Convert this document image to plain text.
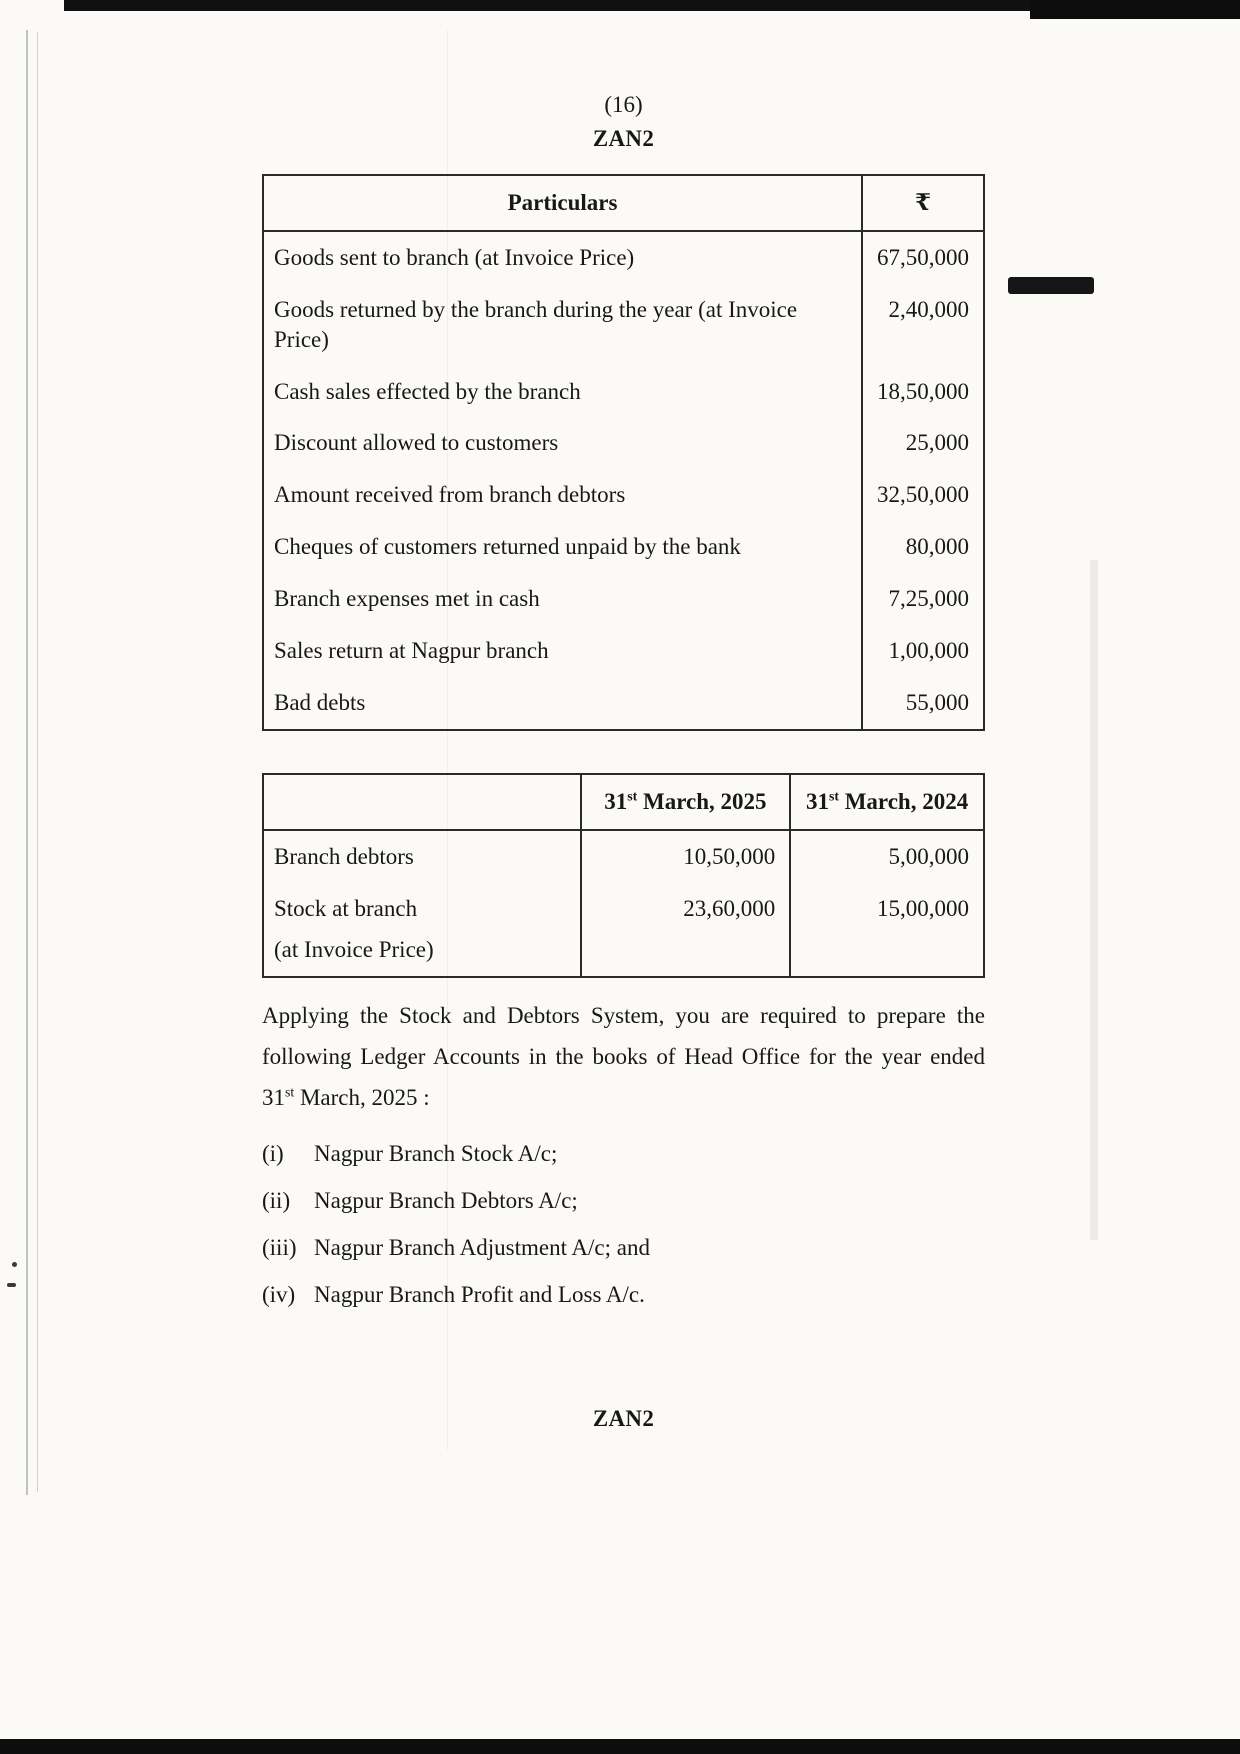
(16)
ZAN2
Particulars	₹
Goods sent to branch (at Invoice Price)	67,50,000
Goods returned by the branch during the year (at Invoice Price)	2,40,000
Cash sales effected by the branch	18,50,000
Discount allowed to customers	25,000
Amount received from branch debtors	32,50,000
Cheques of customers returned unpaid by the bank	80,000
Branch expenses met in cash	7,25,000
Sales return at Nagpur branch	1,00,000
Bad debts	55,000
	31st March, 2025	31st March, 2024
Branch debtors	10,50,000	5,00,000
Stock at branch
(at Invoice Price)	23,60,000	15,00,000

Applying the Stock and Debtors System, you are required to prepare the following Ledger Accounts in the books of Head Office for the year ended 31st March, 2025 :

(i)	Nagpur Branch Stock A/c;
(ii)	Nagpur Branch Debtors A/c;
(iii) Nagpur Branch Adjustment A/c; and
(iv) Nagpur Branch Profit and Loss A/c.
ZAN2
